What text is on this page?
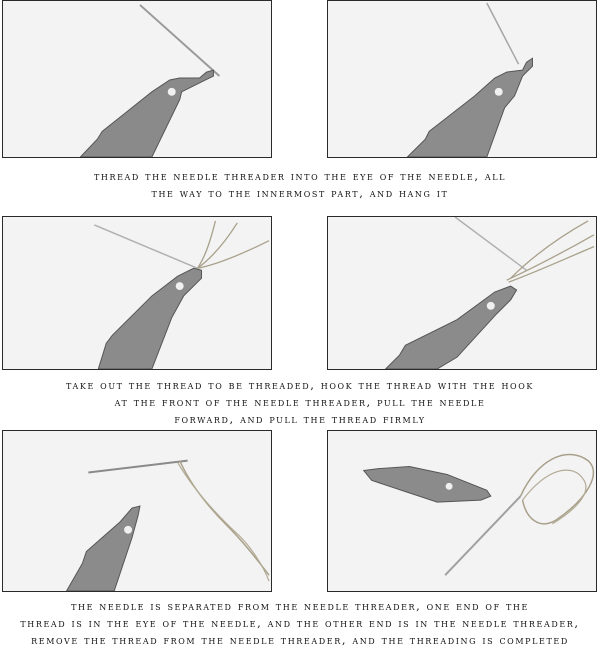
thread the needle threader into the eye of the needle, all
the way to the innermost part, and hang it
take out the thread to be threaded, hook the thread with the hook
at the front of the needle threader, pull the needle
forward, and pull the thread firmly
the needle is separated from the needle threader, one end of the
thread is in the eye of the needle, and the other end is in the needle threader,
remove the thread from the needle threader, and the threading is completed
